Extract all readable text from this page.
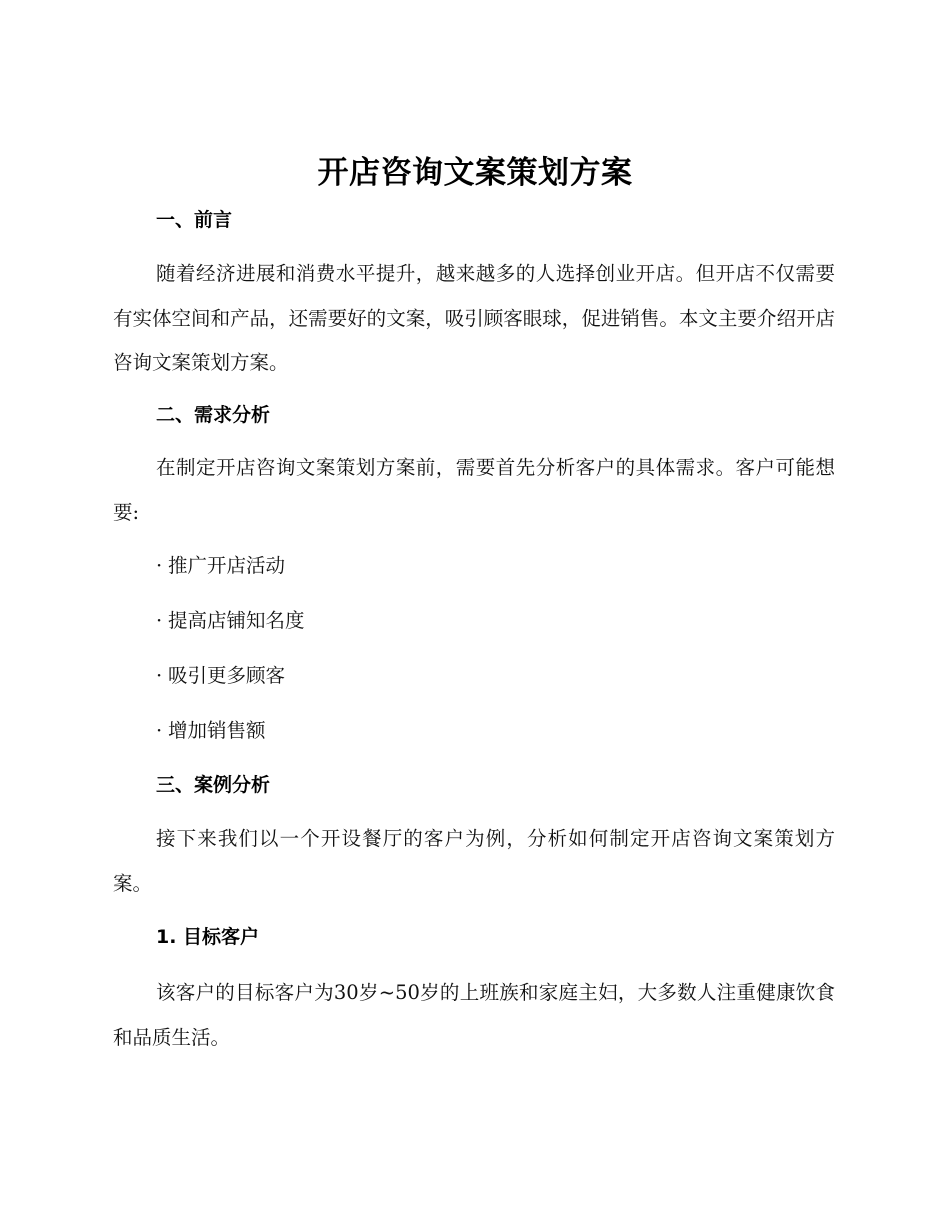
开店咨询文案策划方案
一、前言
随着经济进展和消费水平提升，越来越多的人选择创业开店。但开店不仅需要有实体空间和产品，还需要好的文案，吸引顾客眼球，促进销售。本文主要介绍开店咨询文案策划方案。
二、需求分析
在制定开店咨询文案策划方案前，需要首先分析客户的具体需求。客户可能想要:
· 推广开店活动
· 提高店铺知名度
· 吸引更多顾客
· 增加销售额
三、案例分析
接下来我们以一个开设餐厅的客户为例，分析如何制定开店咨询文案策划方案。
1. 目标客户
该客户的目标客户为30岁~50岁的上班族和家庭主妇，大多数人注重健康饮食和品质生活。
